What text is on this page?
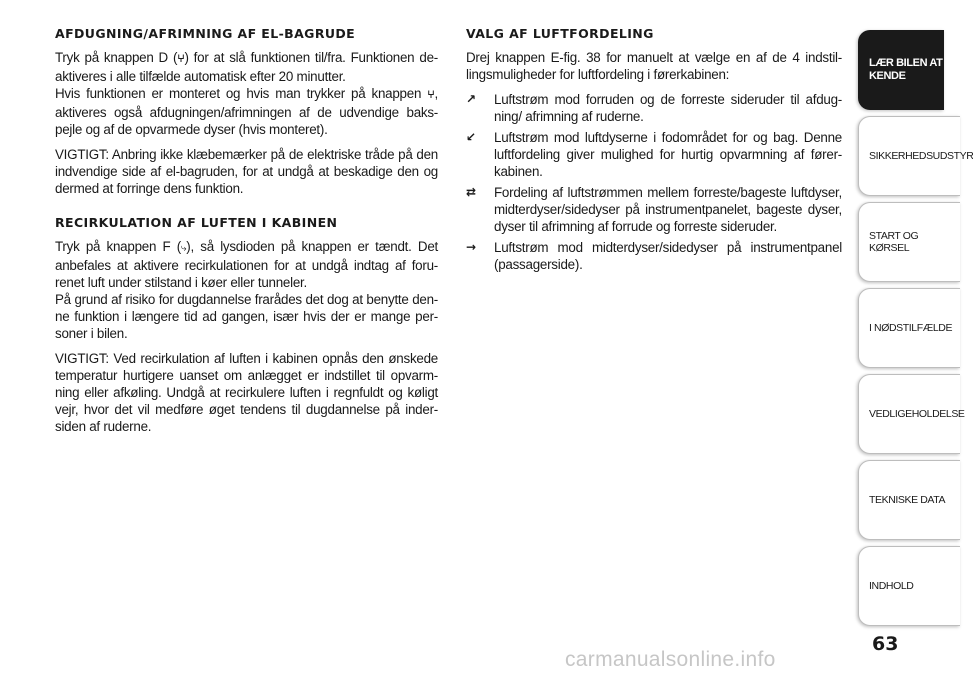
AFDUGNING/AFRIMNING AF EL-BAGRUDE

Tryk på knappen D (ⵖ) for at slå funktionen til/fra. Funktionen de-aktiveres i alle tilfælde automatisk efter 20 minutter.
Hvis funktionen er monteret og hvis man trykker på knappen ⵖ, aktiveres også afdugningen/afrimningen af de udvendige baks-pejle og af de opvarmede dyser (hvis monteret).

VIGTIGT: Anbring ikke klæbemærker på de elektriske tråde på den indvendige side af el-bagruden, for at undgå at beskadige den og dermed at forringe dens funktion.

RECIRKULATION AF LUFTEN I KABINEN

Tryk på knappen F (⤷), så lysdioden på knappen er tændt. Det anbefales at aktivere recirkulationen for at undgå indtag af foru-renet luft under stilstand i køer eller tunneler.
På grund af risiko for dugdannelse frarådes det dog at benytte den-ne funktion i længere tid ad gangen, især hvis der er mange per-soner i bilen.

VIGTIGT: Ved recirkulation af luften i kabinen opnås den ønskede temperatur hurtigere uanset om anlægget er indstillet til opvarm-ning eller afkøling. Undgå at recirkulere luften i regnfuldt og køligt vejr, hvor det vil medføre øget tendens til dugdannelse på inder-siden af ruderne.

VALG AF LUFTFORDELING

Drej knappen E-fig. 38 for manuelt at vælge en af de 4 indstil-lingsmuligheder for luftfordeling i førerkabinen:

↗	Luftstrøm mod forruden og de forreste sideruder til afdug-ning/ afrimning af ruderne.
↙	Luftstrøm mod luftdyserne i fodområdet for og bag. Denne luftfordeling giver mulighed for hurtig opvarmning af fører-kabinen.
⇄	Fordeling af luftstrømmen mellem forreste/bageste luftdyser, midterdyser/sidedyser på instrumentpanelet, bageste dyser, dyser til afrimning af forrude og forreste sideruder.
→	Luftstrøm mod midterdyser/sidedyser på instrumentpanel (passagerside).
LÆR BILEN AT KENDE
SIKKERHEDSUDSTYR
START OG KØRSEL
I NØDSTILFÆLDE
VEDLIGEHOLDELSE
TEKNISKE DATA
INDHOLD
63
carmanualsonline.info
